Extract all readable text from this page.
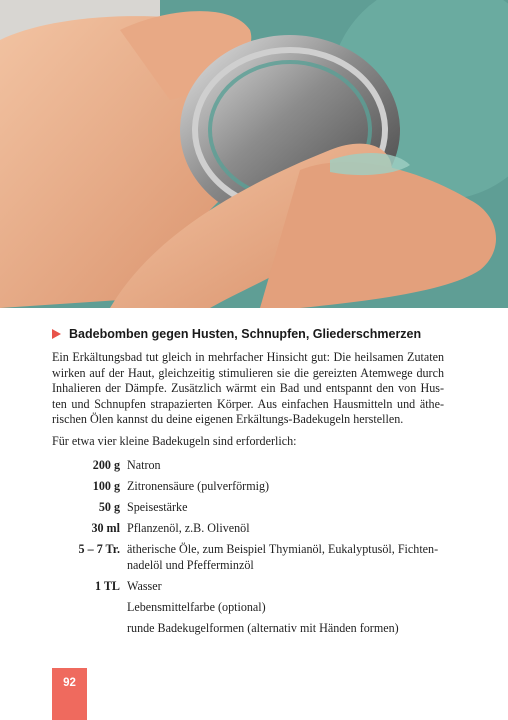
Badebomben gegen Husten, Schnupfen, Gliederschmerzen

Ein Erkältungsbad tut gleich in mehrfacher Hinsicht gut: Die heilsamen Zutaten wirken auf der Haut, gleichzeitig stimulieren sie die gereizten Atemwege durch Inhalieren der Dämpfe. Zusätzlich wärmt ein Bad und entspannt den von Hus- ten und Schnupfen strapazierten Körper. Aus einfachen Hausmitteln und äthe- rischen Ölen kannst du deine eigenen Erkältungs-Badekugeln herstellen.

Für etwa vier kleine Badekugeln sind erforderlich:

200 g Natron
100 g Zitronensäure (pulverförmig)
50 g Speisestärke
30 ml Pflanzenöl, z.B. Olivenöl
5 – 7 Tr. ätherische Öle, zum Beispiel Thymianöl, Eukalyptusöl, Fichten-
nadelöl und Pfefferminzöl
1 TL Wasser
Lebensmittelfarbe (optional)
runde Badekugelformen (alternativ mit Händen formen)
92
